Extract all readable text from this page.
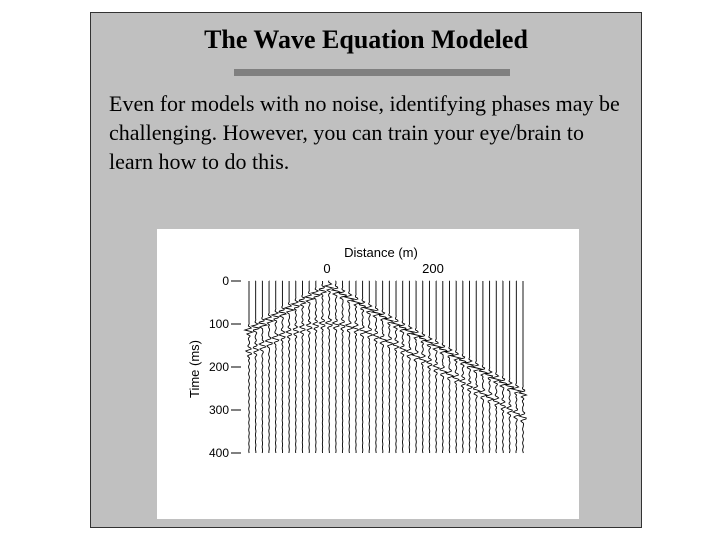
The Wave Equation Modeled
Even for models with no noise, identifying phases may be challenging. However, you can train your eye/brain to learn how to do this.
Distance (m)
0	200
Time (ms)
0
100
200
300
400
